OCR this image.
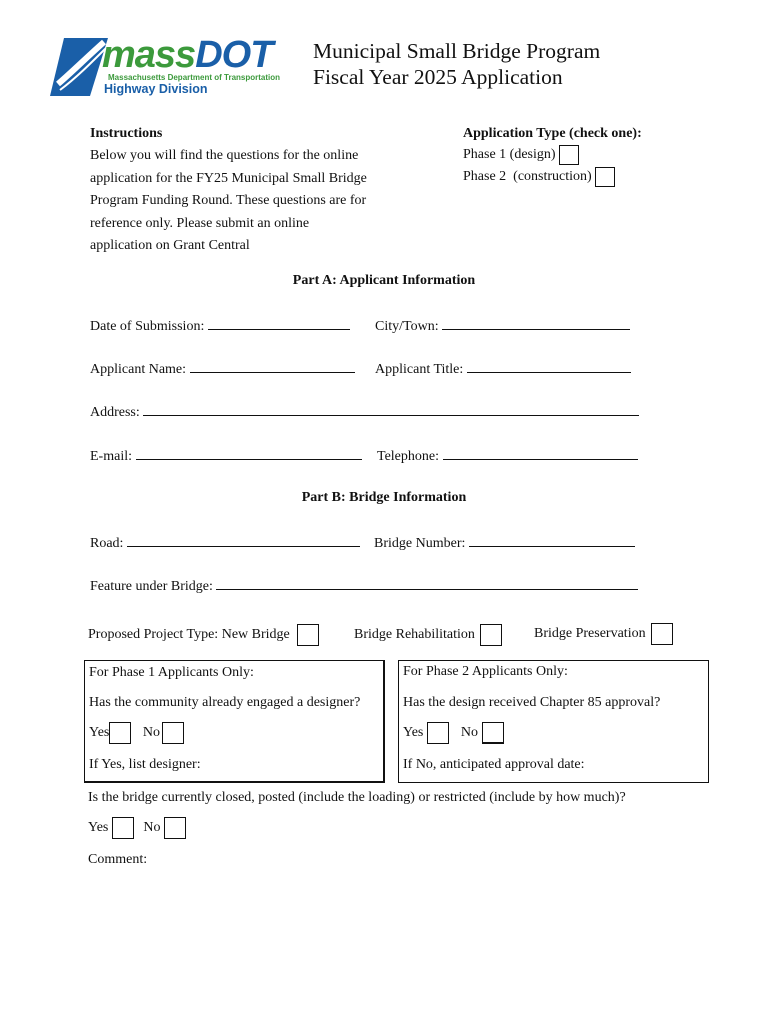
massDOT
Massachusetts Department of Transportation
Highway Division
Municipal Small Bridge Program
Fiscal Year 2025 Application
Instructions
Below you will find the questions for the online
application for the FY25 Municipal Small Bridge
Program Funding Round. These questions are for
reference only. Please submit an online
application on Grant Central
Application Type (check one):
Phase 1 (design)
Phase 2  (construction)
Part A: Applicant Information
Date of Submission:	City/Town:
Applicant Name:	Applicant Title:
Address:
E-mail:	Telephone:
Part B: Bridge Information
Road:	Bridge Number:
Feature under Bridge:
Proposed Project Type: New Bridge	Bridge Rehabilitation	Bridge Preservation
For Phase 1 Applicants Only:
Has the community already engaged a designer?
Yes No
If Yes, list designer:
For Phase 2 Applicants Only:
Has the design received Chapter 85 approval?
Yes	No
If No, anticipated approval date:
Is the bridge currently closed, posted (include the loading) or restricted (include by how much)?
Yes	No
Comment:
